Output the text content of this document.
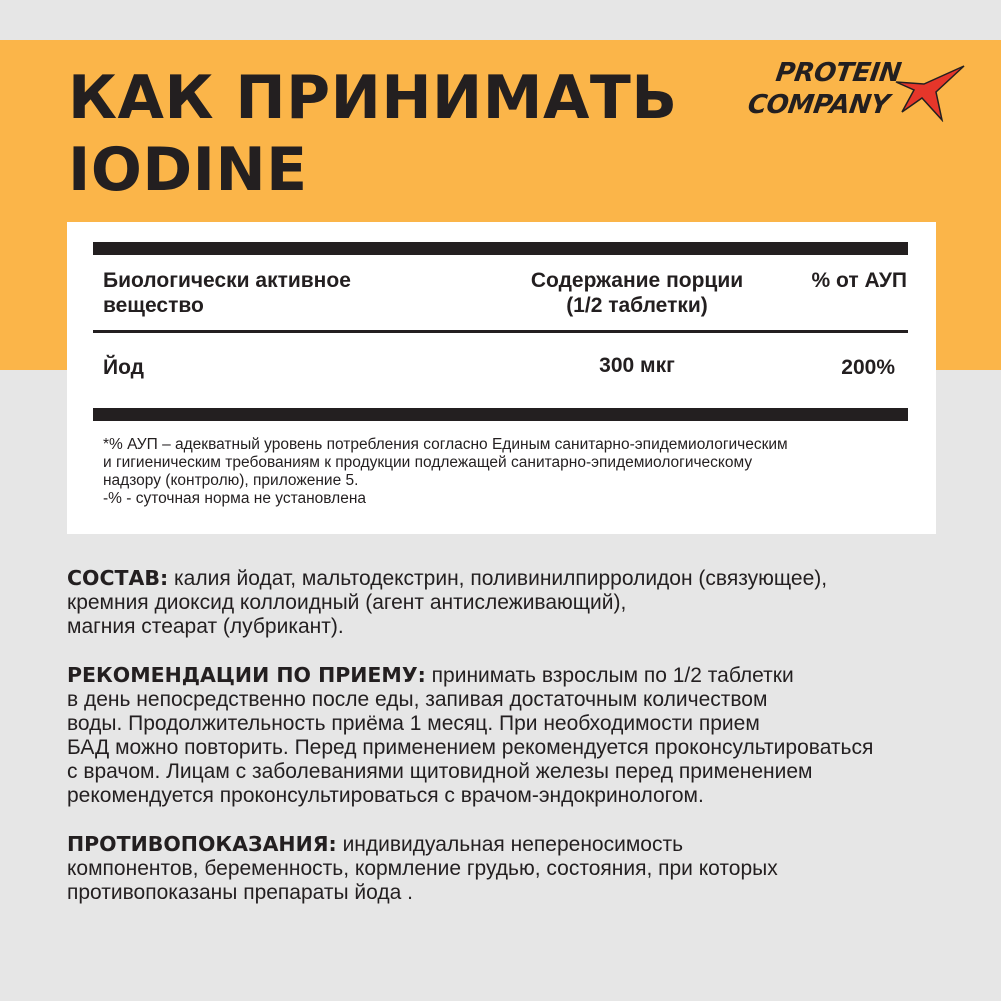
КАК ПРИНИМАТЬ
IODINE
PROTEIN
COMPANY
Биологически активное
вещество
Содержание порции
(1/2 таблетки)
% от АУП
Йод	300 мкг	200%
*% АУП – адекватный уровень потребления согласно Единым санитарно-эпидемиологическим
и гигиеническим требованиям к продукции подлежащей санитарно-эпидемиологическому
надзору (контролю), приложение 5.
-% - суточная норма не установлена
СОСТАВ: калия йодат, мальтодекстрин, поливинилпирролидон (связующее),
кремния диоксид коллоидный (агент антислеживающий),
магния стеарат (лубрикант).
РЕКОМЕНДАЦИИ ПО ПРИЕМУ: принимать взрослым по 1/2 таблетки
в день непосредственно после еды, запивая достаточным количеством
воды. Продолжительность приёма 1 месяц. При необходимости прием
БАД можно повторить. Перед применением рекомендуется проконсультироваться
с врачом. Лицам с заболеваниями щитовидной железы перед применением
рекомендуется проконсультироваться с врачом-эндокринологом.
ПРОТИВОПОКАЗАНИЯ: индивидуальная непереносимость
компонентов, беременность, кормление грудью, состояния, при которых
противопоказаны препараты йода .
